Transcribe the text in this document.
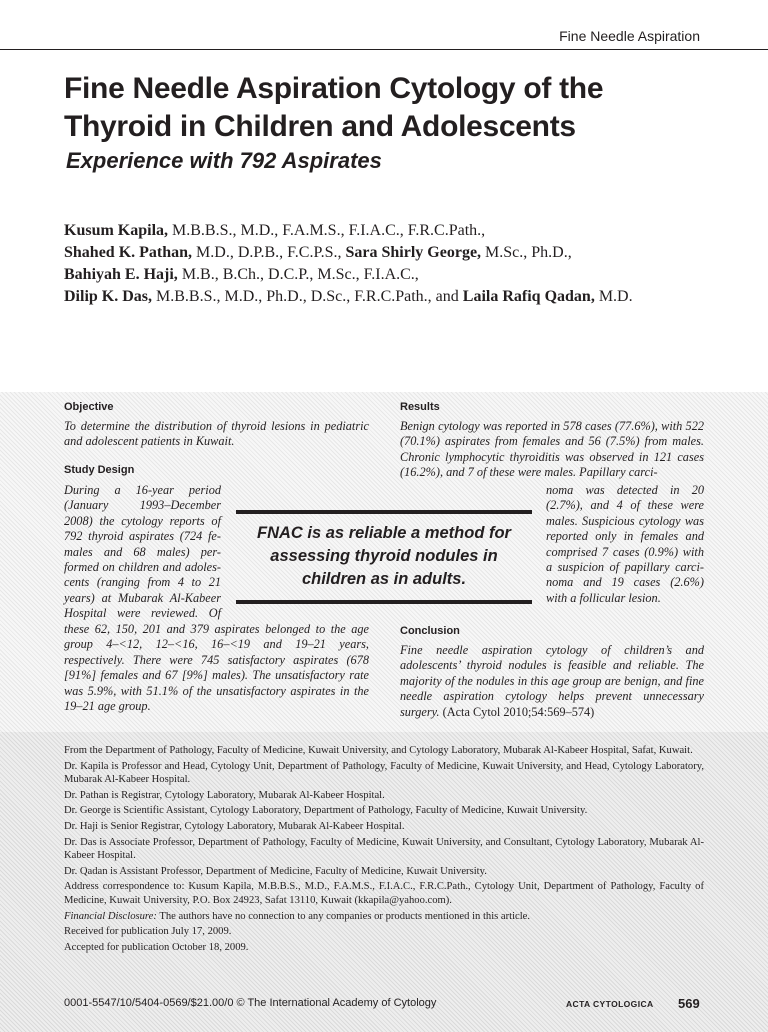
Fine Needle Aspiration
Fine Needle Aspiration Cytology of the Thyroid in Children and Adolescents
Experience with 792 Aspirates
Kusum Kapila, M.B.B.S., M.D., F.A.M.S., F.I.A.C., F.R.C.Path.,
Shahed K. Pathan, M.D., D.P.B., F.C.P.S., Sara Shirly George, M.Sc., Ph.D.,
Bahiyah E. Haji, M.B., B.Ch., D.C.P., M.Sc., F.I.A.C.,
Dilip K. Das, M.B.B.S., M.D., Ph.D., D.Sc., F.R.C.Path., and Laila Rafiq Qadan, M.D.
Objective
To determine the distribution of thyroid lesions in pediatric and adolescent patients in Kuwait.
Study Design
During a 16-year period
(January 1993–December
2008) the cytology reports of
792 thyroid aspirates (724 fe-
males and 68 males) per-
formed on children and adoles-
cents (ranging from 4 to 21
years) at Mubarak Al-Kabeer
Hospital were reviewed. Of
these 62, 150, 201 and 379 aspirates belonged to the age group 4–<12, 12–<16, 16–<19 and 19–21 years, respectively. There were 745 satisfactory aspirates (678 [91%] females and 67 [9%] males). The unsatisfactory rate was 5.9%, with 51.1% of the unsatisfactory aspirates in the 19–21 age group.
Results
Benign cytology was reported in 578 cases (77.6%), with 522 (70.1%) aspirates from females and 56 (7.5%) from males. Chronic lymphocytic thyroiditis was observed in 121 cases (16.2%), and 7 of these were males. Papillary carci-
noma was detected in 20
(2.7%), and 4 of these were
males. Suspicious cytology was
reported only in females and
comprised 7 cases (0.9%) with
a suspicion of papillary carci-
noma and 19 cases (2.6%)
with a follicular lesion.
Conclusion
Fine needle aspiration cytology of children’s and adolescents’ thyroid nodules is feasible and reliable. The majority of the nodules in this age group are benign, and fine needle aspiration cytology helps prevent unnecessary surgery. (Acta Cytol 2010;54:569–574)
FNAC is as reliable a method for assessing thyroid nodules in children as in adults.

From the Department of Pathology, Faculty of Medicine, Kuwait University, and Cytology Laboratory, Mubarak Al-Kabeer Hospital, Safat, Kuwait.

Dr. Kapila is Professor and Head, Cytology Unit, Department of Pathology, Faculty of Medicine, Kuwait University, and Head, Cytology Laboratory, Mubarak Al-Kabeer Hospital.

Dr. Pathan is Registrar, Cytology Laboratory, Mubarak Al-Kabeer Hospital.

Dr. George is Scientific Assistant, Cytology Laboratory, Department of Pathology, Faculty of Medicine, Kuwait University.

Dr. Haji is Senior Registrar, Cytology Laboratory, Mubarak Al-Kabeer Hospital.

Dr. Das is Associate Professor, Department of Pathology, Faculty of Medicine, Kuwait University, and Consultant, Cytology Laboratory, Mubarak Al-Kabeer Hospital.

Dr. Qadan is Assistant Professor, Department of Medicine, Faculty of Medicine, Kuwait University.

Address correspondence to: Kusum Kapila, M.B.B.S., M.D., F.A.M.S., F.I.A.C., F.R.C.Path., Cytology Unit, Department of Pathology, Faculty of Medicine, Kuwait University, P.O. Box 24923, Safat 13110, Kuwait (kkapila@yahoo.com).

Financial Disclosure: The authors have no connection to any companies or products mentioned in this article.

Received for publication July 17, 2009.

Accepted for publication October 18, 2009.

0001-5547/10/5404-0569/$21.00/0 © The International Academy of Cytology	ACTA CYTOLOGICA 569
